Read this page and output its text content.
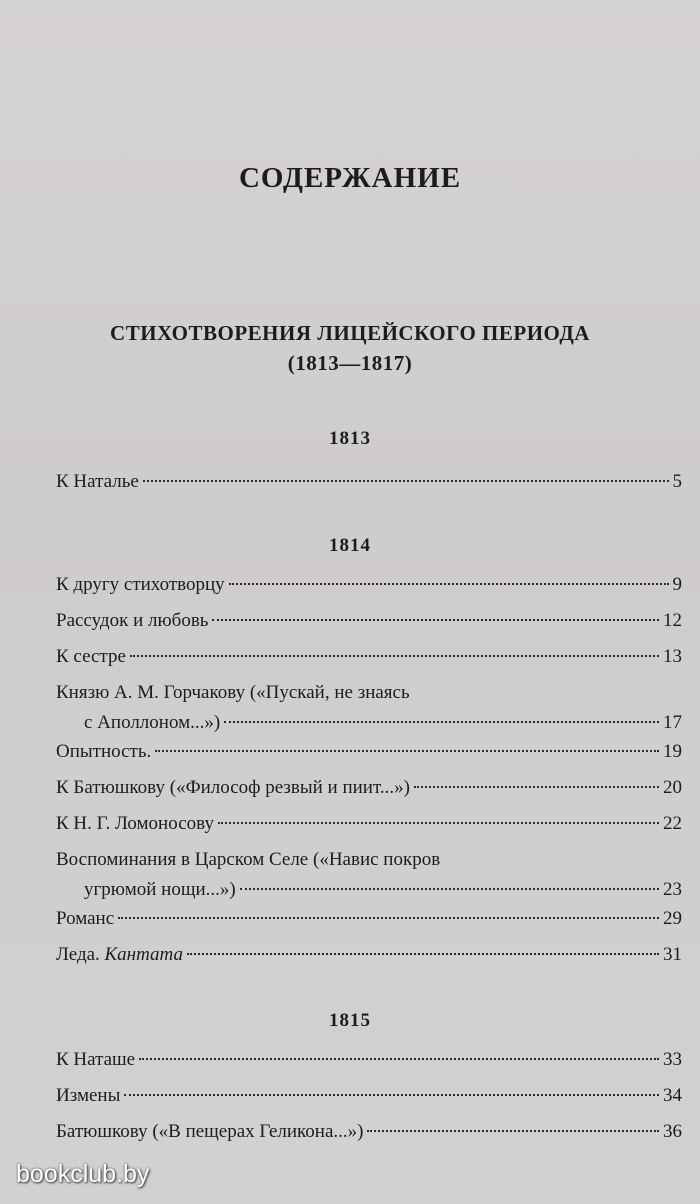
СОДЕРЖАНИЕ
СТИХОТВОРЕНИЯ ЛИЦЕЙСКОГО ПЕРИОДА
(1813—1817)
1813
К Наталье	5
1814
К другу стихотворцу	9
Рассудок и любовь	12
К сестре	13
Князю А. М. Горчакову («Пускай, не знаясь
с Аполлоном...»)	17
Опытность.	19
К Батюшкову («Философ резвый и пиит...»)	20
К Н. Г. Ломоносову	22
Воспоминания в Царском Селе («Навис покров
угрюмой нощи...»)	23
Романс	29
Леда. Кантата	31
1815
К Наташе	33
Измены	34
Батюшкову («В пещерах Геликона...»)	36
bookclub.by
